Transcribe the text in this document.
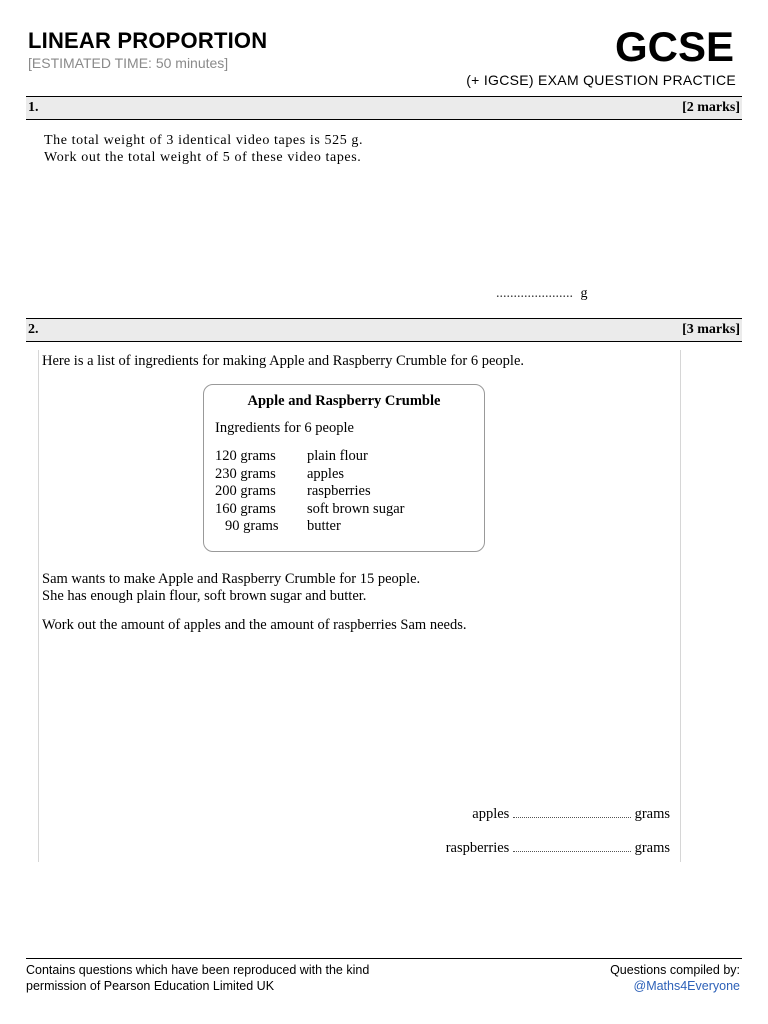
LINEAR PROPORTION
[ESTIMATED TIME: 50 minutes]	GCSE
(+ IGCSE) EXAM QUESTION PRACTICE
1.	[2 marks]
The total weight of 3 identical video tapes is 525 g.
Work out the total weight of 5 of these video tapes.
...................... g
2.	[3 marks]
Here is a list of ingredients for making Apple and Raspberry Crumble for 6 people.
Apple and Raspberry Crumble
Ingredients for 6 people
120 grams plain flour
230 grams apples
200 grams raspberries
160 grams soft brown sugar
90 grams butter
Sam wants to make Apple and Raspberry Crumble for 15 people.
She has enough plain flour, soft brown sugar and butter.
Work out the amount of apples and the amount of raspberries Sam needs.
apples	grams
raspberries	grams
Contains questions which have been reproduced with the kind
permission of Pearson Education Limited UK
Questions compiled by:
@Maths4Everyone
